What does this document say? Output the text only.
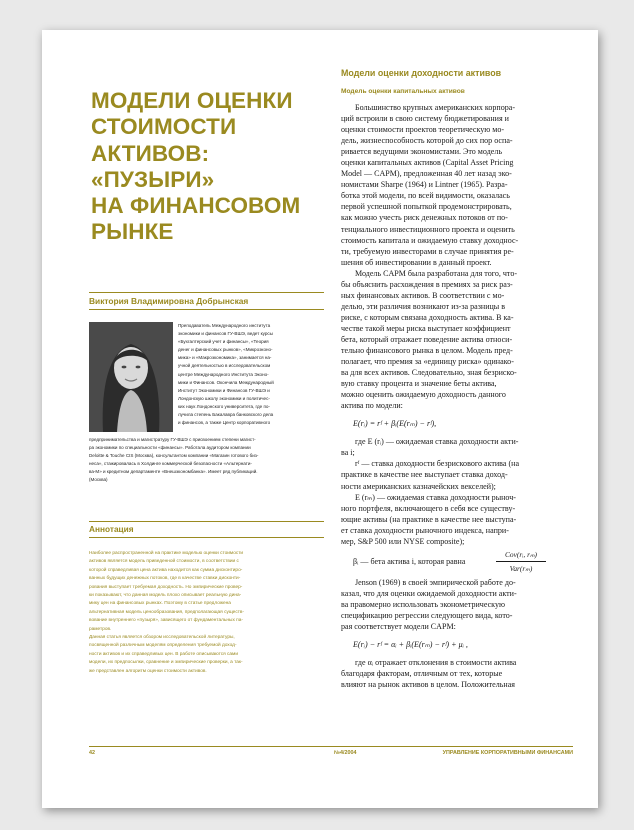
МОДЕЛИ ОЦЕНКИ
СТОИМОСТИ
АКТИВОВ:
«ПУЗЫРИ»
НА ФИНАНСОВОМ
РЫНКЕ
Виктория Владимировна Добрынская
Преподаватель Международного института
экономики и финансов ГУ-ВШЭ, ведет курсы
«Бухгалтерский учет и финансы», «Теория
денег и финансовых рынков», «Микроэконо-
мика» и «Макроэкономика», занимается на-
учной деятельностью в исследовательском
центре Международного Института Эконо-
мики и Финансов. Окончила Международный
Институт Экономики и Финансов ГУ-ВШЭ и
Лондонскую школу экономики и политичес-
ких наук Лондонского университета, где по-
лучила степень Бакалавра банковского дела
и финансов, а также Центр корпоративного
предпринимательства и магистратуру ГУ-ВШЭ с присвоением степени магист-
ра экономики по специальности «финансы». Работала аудитором компании
Deloitte & Touche CIS (Москва), консультантом компании «Магазин готового биз-
неса», стажировалась в Холдинге коммерческой безопасности «Альтернати-
ва-М» и кредитном департаменте «Внешэкономбанка». Имеет ряд публикаций.
(Москва)
Аннотация
Наиболее распространенной на практике моделью оценки стоимости
активов является модель приведенной стоимости, в соответствии с
которой справедливая цена актива находится как сумма дисконтиро-
ванных будущих денежных потоков, где в качестве ставки дисконти-
рования выступает требуемая доходность. Но эмпирические провер-
ки показывают, что данная модель плохо описывает реальную дина-
мику цен на финансовых рынках. Поэтому в статье предложена
альтернативная модель ценообразования, предполагающая существ-
вование внутреннего «пузыря», зависящего от фундаментальных па-
раметров.
Данная статья является обзором исследовательской литературы,
посвященной различным моделям определения требуемой доход-
ности активов и их справедливых цен. В работе описываются сами
модели, их предпосылки, сравнение и эмпирические проверки, а так-
же представлен алгоритм оценки стоимости активов.
Модели оценки доходности активов
Модель оценки капитальных активов
Большинство крупных американских корпора-
ций встроили в свою систему бюджетирования и
оценки стоимости проектов теоретическую мо-
дель, жизнеспособность которой до сих пор оспа-
ривается ведущими экономистами. Это модель
оценки капитальных активов (Capital Asset Pricing
Model — CAPM), предложенная 40 лет назад эко-
номистами Sharpe (1964) и Lintner (1965). Разра-
ботка этой модели, по всей видимости, оказалась
первой успешной попыткой продемонстрировать,
как можно учесть риск денежных потоков от по-
тенциального инвестиционного проекта и оценить
стоимость капитала и ожидаемую ставку доходнос-
ти, требуемую инвесторами в случае принятия ре-
шения об инвестировании в данный проект.
Модель CAPM была разработана для того, что-
бы объяснить расхождения в премиях за риск раз-
ных финансовых активов. В соответствии с мо-
делью, эти различия возникают из-за разницы в
риске, с которым связана доходность актива. В ка-
честве такой меры риска выступает коэффициент
бета, который отражает поведение актива относи-
тельно финансового рынка в целом. Модель пред-
полагает, что премия за «единицу риска» одинако-
ва для всех активов. Следовательно, зная безриско-
вую ставку процента и значение беты актива,
можно оценить ожидаемую доходность данного
актива по модели:
E(rᵢ) = rᶠ + βᵢ(E(rₘ) − rᶠ),
где E (rᵢ) — ожидаемая ставка доходности акти-
ва i;
rᶠ — ставка доходности безрискового актива (на
практике в качестве нее выступает ставка доход-
ности американских казначейских векселей);
E (rₘ) — ожидаемая ставка доходности рыноч-
ного портфеля, включающего в себя все существу-
ющие активы (на практике в качестве нее выступа-
ет ставка доходности рыночного индекса, напри-
мер, S&P 500 или NYSE composite);
βᵢ — бета актива i, которая равна
Cov(rᵢ, rₘ)
Var(rₘ)
Jenson (1969) в своей эмпирической работе до-
казал, что для оценки ожидаемой доходности акти-
ва правомерно использовать эконометрическую
спецификацию регрессии следующего вида, кото-
рая соответствует модели CAPM:
E(rᵢ) − rᶠ = αᵢ + βᵢ(E(rₘ) − rᶠ) + μᵢ ,
где αᵢ отражает отклонения в стоимости актива
благодаря факторам, отличным от тех, которые
влияют на рынок активов в целом. Положительная
42	№4/2004	УПРАВЛЕНИЕ КОРПОРАТИВНЫМИ ФИНАНСАМИ
